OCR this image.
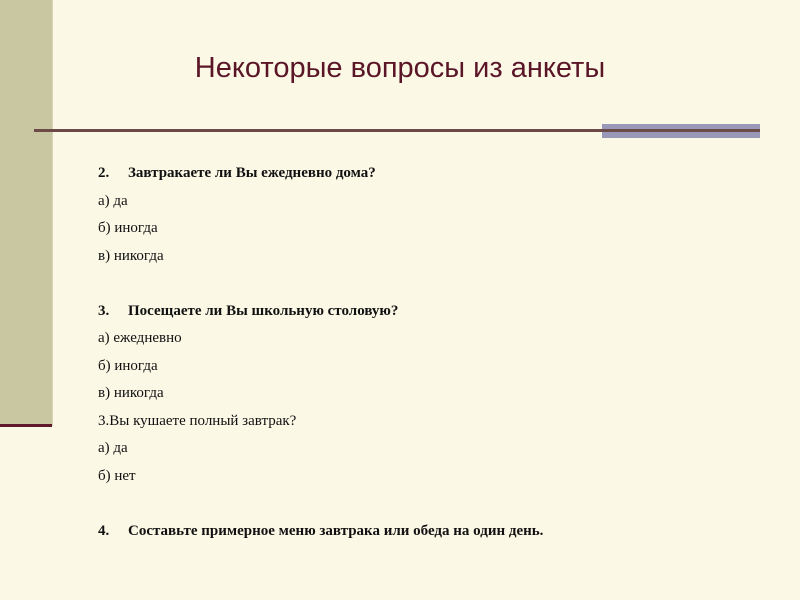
Некоторые вопросы из анкеты
2. Завтракаете ли Вы ежедневно дома?
а) да
б) иногда
в) никогда
3. Посещаете ли Вы школьную столовую?
а) ежедневно
б) иногда
в) никогда
3.Вы кушаете полный завтрак?
а) да
б) нет
4. Составьте примерное меню завтрака или обеда на один день.
